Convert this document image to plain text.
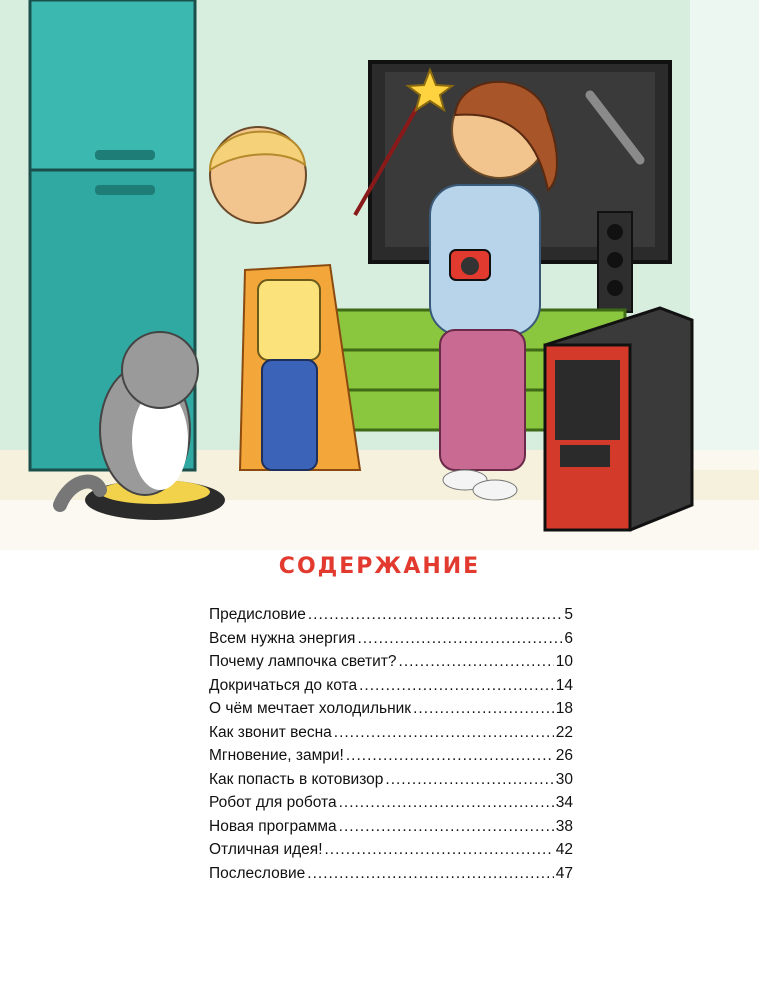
СОДЕРЖАНИЕ
Предисловие .....	5
Всем нужна энергия .....	6
Почему лампочка светит? .....	10
Докричаться до кота .....	14
О чём мечтает холодильник .....	18
Как звонит весна .....	22
Мгновение, замри! .....	26
Как попасть в котовизор .....	30
Робот для робота .....	34
Новая программа .....	38
Отличная идея! .....	42
Послесловие .....	47
